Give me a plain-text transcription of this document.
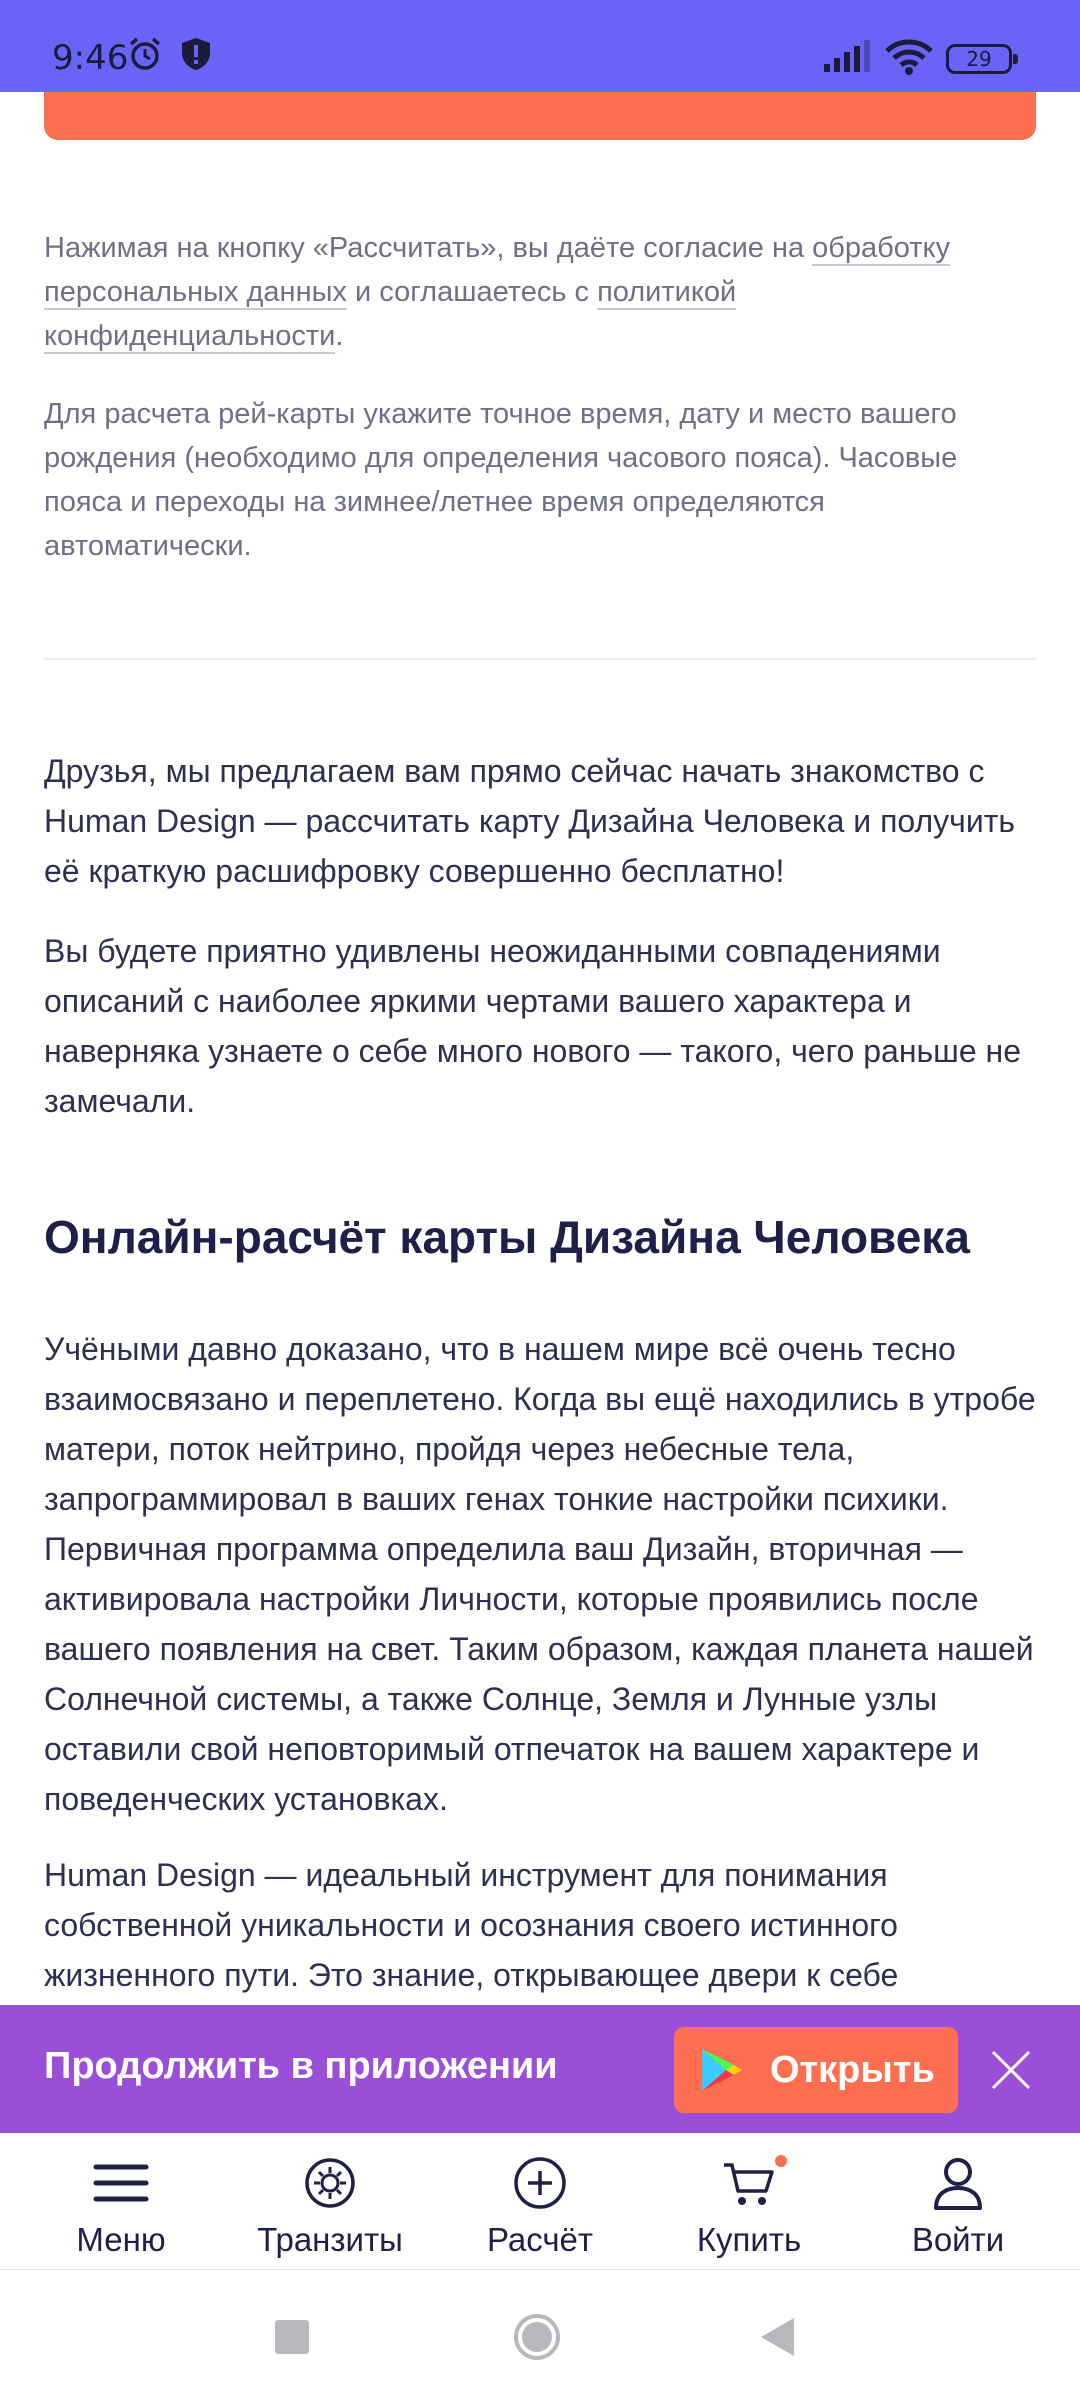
9:46	29
Нажимая на кнопку «Рассчитать», вы даёте согласие на обработку персональных данных и соглашаетесь с политикой конфиденциальности.
Для расчета рей-карты укажите точное время, дату и место вашего рождения (необходимо для определения часового пояса). Часовые пояса и переходы на зимнее/летнее время определяются автоматически.
Друзья, мы предлагаем вам прямо сейчас начать знакомство с Human Design — рассчитать карту Дизайна Человека и получить её краткую расшифровку совершенно бесплатно!
Вы будете приятно удивлены неожиданными совпадениями описаний с наиболее яркими чертами вашего характера и наверняка узнаете о себе много нового — такого, чего раньше не замечали.
Онлайн-расчёт карты Дизайна Человека
Учёными давно доказано, что в нашем мире всё очень тесно взаимосвязано и переплетено. Когда вы ещё находились в утробе матери, поток нейтрино, пройдя через небесные тела, запрограммировал в ваших генах тонкие настройки психики. Первичная программа определила ваш Дизайн, вторичная — активировала настройки Личности, которые проявились после вашего появления на свет. Таким образом, каждая планета нашей Солнечной системы, а также Солнце, Земля и Лунные узлы оставили свой неповторимый отпечаток на вашем характере и поведенческих установках.
Human Design — идеальный инструмент для понимания собственной уникальности и осознания своего истинного жизненного пути. Это знание, открывающее двери к себе
Продолжить в приложении	Открыть
Меню	Транзиты	Расчёт	Купить	Войти
